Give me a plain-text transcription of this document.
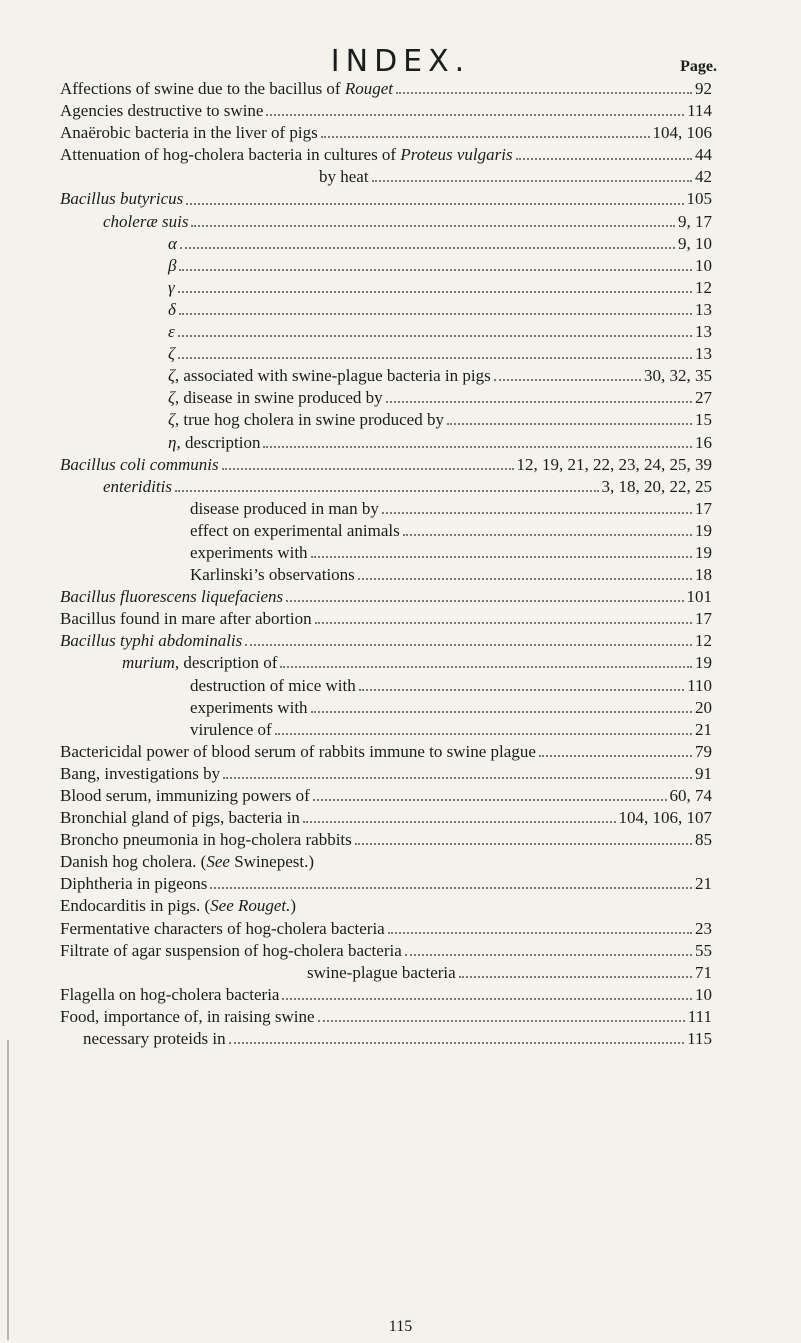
INDEX.	Page.
Affections of swine due to the bacillus of Rouget	92
Agencies destructive to swine	114
Anaërobic bacteria in the liver of pigs	104, 106
Attenuation of hog-cholera bacteria in cultures of Proteus vulgaris	44
by heat	42
Bacillus butyricus	105
choleræ suis	9, 17
α	9, 10
β	10
γ	12
δ	13
ε	13
ζ	13
ζ, associated with swine-plague bacteria in pigs	30, 32, 35
ζ, disease in swine produced by	27
ζ, true hog cholera in swine produced by	15
η, description	16
Bacillus coli communis	12, 19, 21, 22, 23, 24, 25, 39
enteriditis	3, 18, 20, 22, 25
disease produced in man by	17
effect on experimental animals	19
experiments with	19
Karlinski’s observations	18
Bacillus fluorescens liquefaciens	101
Bacillus found in mare after abortion	17
Bacillus typhi abdominalis	12
murium, description of	19
destruction of mice with	110
experiments with	20
virulence of	21
Bactericidal power of blood serum of rabbits immune to swine plague	79
Bang, investigations by	91
Blood serum, immunizing powers of	60, 74
Bronchial gland of pigs, bacteria in	104, 106, 107
Broncho pneumonia in hog-cholera rabbits	85
Danish hog cholera. (See Swinepest.)
Diphtheria in pigeons	21
Endocarditis in pigs. (See Rouget.)
Fermentative characters of hog-cholera bacteria	23
Filtrate of agar suspension of hog-cholera bacteria	55
swine-plague bacteria	71
Flagella on hog-cholera bacteria	10
Food, importance of, in raising swine	111
necessary proteids in	115
115
